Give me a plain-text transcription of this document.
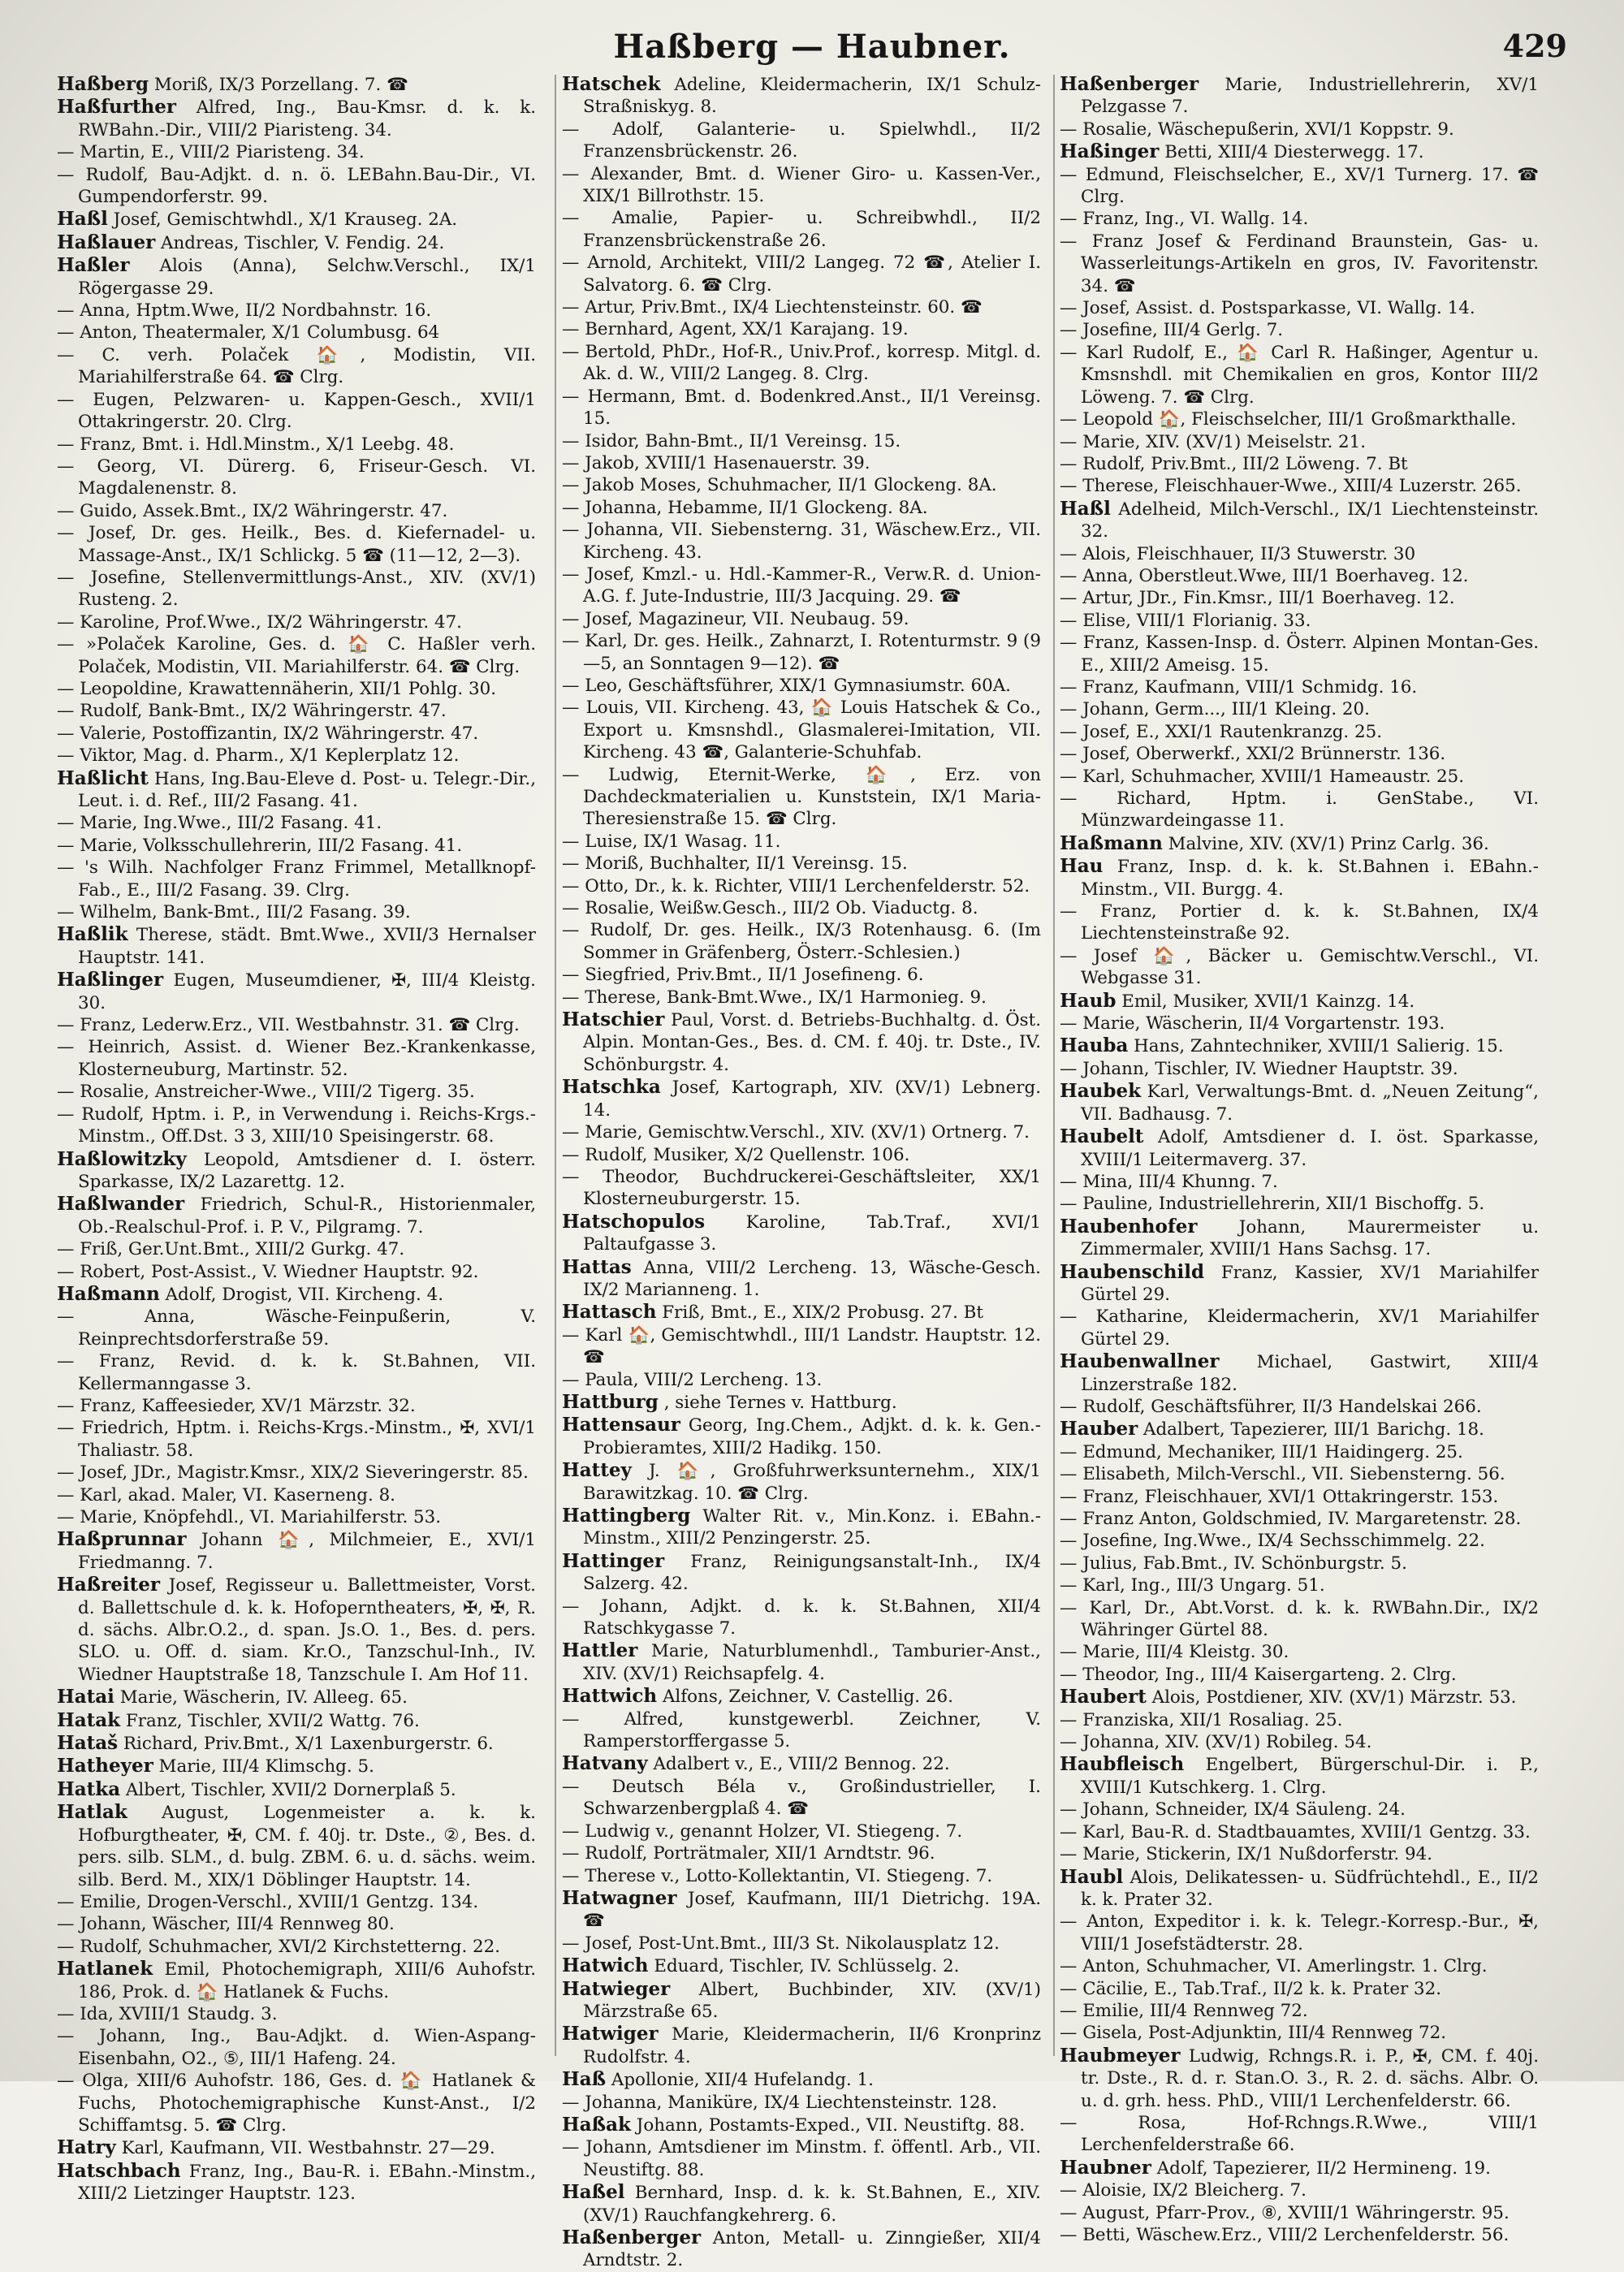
Haßberg — Haubner.	429

Haßberg Moriß, IX/3 Porzellang. 7. ☎

Haßfurther Alfred, Ing., Bau-Kmsr. d. k. k. RWBahn.-Dir., VIII/2 Piaristeng. 34.

— Martin, E., VIII/2 Piaristeng. 34.

— Rudolf, Bau-Adjkt. d. n. ö. LEBahn.Bau-Dir., VI. Gumpendorferstr. 99.

Haßl Josef, Gemischtwhdl., X/1 Krauseg. 2A.

Haßlauer Andreas, Tischler, V. Fendig. 24.

Haßler Alois (Anna), Selchw.Verschl., IX/1 Rögergasse 29.

— Anna, Hptm.Wwe, II/2 Nordbahnstr. 16.

— Anton, Theatermaler, X/1 Columbusg. 64

— C. verh. Polaček 🏠, Modistin, VII. Mariahilferstraße 64. ☎ Clrg.

— Eugen, Pelzwaren- u. Kappen-Gesch., XVII/1 Ottakringerstr. 20. Clrg.

— Franz, Bmt. i. Hdl.Minstm., X/1 Leebg. 48.

— Georg, VI. Dürerg. 6, Friseur-Gesch. VI. Magdalenenstr. 8.

— Guido, Assek.Bmt., IX/2 Währingerstr. 47.

— Josef, Dr. ges. Heilk., Bes. d. Kiefernadel- u. Massage-Anst., IX/1 Schlickg. 5 ☎ (11—12, 2—3).

— Josefine, Stellenvermittlungs-Anst., XIV. (XV/1) Rusteng. 2.

— Karoline, Prof.Wwe., IX/2 Währingerstr. 47.

— »Polaček Karoline, Ges. d. 🏠 C. Haßler verh. Polaček, Modistin, VII. Mariahilferstr. 64. ☎ Clrg.

— Leopoldine, Krawattennäherin, XII/1 Pohlg. 30.

— Rudolf, Bank-Bmt., IX/2 Währingerstr. 47.

— Valerie, Postoffizantin, IX/2 Währingerstr. 47.

— Viktor, Mag. d. Pharm., X/1 Keplerplatz 12.

Haßlicht Hans, Ing.Bau-Eleve d. Post- u. Telegr.-Dir., Leut. i. d. Ref., III/2 Fasang. 41.

— Marie, Ing.Wwe., III/2 Fasang. 41.

— Marie, Volksschullehrerin, III/2 Fasang. 41.

— 's Wilh. Nachfolger Franz Frimmel, Metallknopf-Fab., E., III/2 Fasang. 39. Clrg.

— Wilhelm, Bank-Bmt., III/2 Fasang. 39.

Haßlik Therese, städt. Bmt.Wwe., XVII/3 Hernalser Hauptstr. 141.

Haßlinger Eugen, Museumdiener, ✠, III/4 Kleistg. 30.

— Franz, Lederw.Erz., VII. Westbahnstr. 31. ☎ Clrg.

— Heinrich, Assist. d. Wiener Bez.-Krankenkasse, Klosterneuburg, Martinstr. 52.

— Rosalie, Anstreicher-Wwe., VIII/2 Tigerg. 35.

— Rudolf, Hptm. i. P., in Verwendung i. Reichs-Krgs.-Minstm., Off.Dst. 3 3, XIII/10 Speisingerstr. 68.

Haßlowitzky Leopold, Amtsdiener d. I. österr. Sparkasse, IX/2 Lazarettg. 12.

Haßlwander Friedrich, Schul-R., Historienmaler, Ob.-Realschul-Prof. i. P. V., Pilgramg. 7.

— Friß, Ger.Unt.Bmt., XIII/2 Gurkg. 47.

— Robert, Post-Assist., V. Wiedner Hauptstr. 92.

Haßmann Adolf, Drogist, VII. Kircheng. 4.

— Anna, Wäsche-Feinpußerin, V. Reinprechtsdorferstraße 59.

— Franz, Revid. d. k. k. St.Bahnen, VII. Kellermanngasse 3.

— Franz, Kaffeesieder, XV/1 Märzstr. 32.

— Friedrich, Hptm. i. Reichs-Krgs.-Minstm., ✠, XVI/1 Thaliastr. 58.

— Josef, JDr., Magistr.Kmsr., XIX/2 Sieveringerstr. 85.

— Karl, akad. Maler, VI. Kaserneng. 8.

— Marie, Knöpfehdl., VI. Mariahilferstr. 53.

Haßprunnar Johann 🏠, Milchmeier, E., XVI/1 Friedmanng. 7.

Haßreiter Josef, Regisseur u. Ballettmeister, Vorst. d. Ballettschule d. k. k. Hofoperntheaters, ✠, ✠, R. d. sächs. Albr.O.2., d. span. Js.O. 1., Bes. d. pers. SLO. u. Off. d. siam. Kr.O., Tanzschul-Inh., IV. Wiedner Hauptstraße 18, Tanzschule I. Am Hof 11.

Hatai Marie, Wäscherin, IV. Alleeg. 65.

Hatak Franz, Tischler, XVII/2 Wattg. 76.

Hataš Richard, Priv.Bmt., X/1 Laxenburgerstr. 6.

Hatheyer Marie, III/4 Klimschg. 5.

Hatka Albert, Tischler, XVII/2 Dornerplaß 5.

Hatlak August, Logenmeister a. k. k. Hofburgtheater, ✠, CM. f. 40j. tr. Dste., ②, Bes. d. pers. silb. SLM., d. bulg. ZBM. 6. u. d. sächs. weim. silb. Berd. M., XIX/1 Döblinger Hauptstr. 14.

— Emilie, Drogen-Verschl., XVIII/1 Gentzg. 134.

— Johann, Wäscher, III/4 Rennweg 80.

— Rudolf, Schuhmacher, XVI/2 Kirchstetterng. 22.

Hatlanek Emil, Photochemigraph, XIII/6 Auhofstr. 186, Prok. d. 🏠 Hatlanek & Fuchs.

— Ida, XVIII/1 Staudg. 3.

— Johann, Ing., Bau-Adjkt. d. Wien-Aspang-Eisenbahn, O2., ⑤, III/1 Hafeng. 24.

— Olga, XIII/6 Auhofstr. 186, Ges. d. 🏠 Hatlanek & Fuchs, Photochemigraphische Kunst-Anst., I/2 Schiffamtsg. 5. ☎ Clrg.

Hatry Karl, Kaufmann, VII. Westbahnstr. 27—29.

Hatschbach Franz, Ing., Bau-R. i. EBahn.-Minstm., XIII/2 Lietzinger Hauptstr. 123.

Hatschek Adeline, Kleidermacherin, IX/1 Schulz-Straßniskyg. 8.

— Adolf, Galanterie- u. Spielwhdl., II/2 Franzensbrückenstr. 26.

— Alexander, Bmt. d. Wiener Giro- u. Kassen-Ver., XIX/1 Billrothstr. 15.

— Amalie, Papier- u. Schreibwhdl., II/2 Franzensbrückenstraße 26.

— Arnold, Architekt, VIII/2 Langeg. 72 ☎, Atelier I. Salvatorg. 6. ☎ Clrg.

— Artur, Priv.Bmt., IX/4 Liechtensteinstr. 60. ☎

— Bernhard, Agent, XX/1 Karajang. 19.

— Bertold, PhDr., Hof-R., Univ.Prof., korresp. Mitgl. d. Ak. d. W., VIII/2 Langeg. 8. Clrg.

— Hermann, Bmt. d. Bodenkred.Anst., II/1 Vereinsg. 15.

— Isidor, Bahn-Bmt., II/1 Vereinsg. 15.

— Jakob, XVIII/1 Hasenauerstr. 39.

— Jakob Moses, Schuhmacher, II/1 Glockeng. 8A.

— Johanna, Hebamme, II/1 Glockeng. 8A.

— Johanna, VII. Siebensterng. 31, Wäschew.Erz., VII. Kircheng. 43.

— Josef, Kmzl.- u. Hdl.-Kammer-R., Verw.R. d. Union-A.G. f. Jute-Industrie, III/3 Jacquing. 29. ☎

— Josef, Magazineur, VII. Neubaug. 59.

— Karl, Dr. ges. Heilk., Zahnarzt, I. Rotenturmstr. 9 (9—5, an Sonntagen 9—12). ☎

— Leo, Geschäftsführer, XIX/1 Gymnasiumstr. 60A.

— Louis, VII. Kircheng. 43, 🏠 Louis Hatschek & Co., Export u. Kmsnshdl., Glasmalerei-Imitation, VII. Kircheng. 43 ☎, Galanterie-Schuhfab.

— Ludwig, Eternit-Werke, 🏠, Erz. von Dachdeckmaterialien u. Kunststein, IX/1 Maria-Theresienstraße 15. ☎ Clrg.

— Luise, IX/1 Wasag. 11.

— Moriß, Buchhalter, II/1 Vereinsg. 15.

— Otto, Dr., k. k. Richter, VIII/1 Lerchenfelderstr. 52.

— Rosalie, Weißw.Gesch., III/2 Ob. Viaductg. 8.

— Rudolf, Dr. ges. Heilk., IX/3 Rotenhausg. 6. (Im Sommer in Gräfenberg, Österr.-Schlesien.)

— Siegfried, Priv.Bmt., II/1 Josefineng. 6.

— Therese, Bank-Bmt.Wwe., IX/1 Harmonieg. 9.

Hatschier Paul, Vorst. d. Betriebs-Buchhaltg. d. Öst. Alpin. Montan-Ges., Bes. d. CM. f. 40j. tr. Dste., IV. Schönburgstr. 4.

Hatschka Josef, Kartograph, XIV. (XV/1) Lebnerg. 14.

— Marie, Gemischtw.Verschl., XIV. (XV/1) Ortnerg. 7.

— Rudolf, Musiker, X/2 Quellenstr. 106.

— Theodor, Buchdruckerei-Geschäftsleiter, XX/1 Klosterneuburgerstr. 15.

Hatschopulos Karoline, Tab.Traf., XVI/1 Paltaufgasse 3.

Hattas Anna, VIII/2 Lercheng. 13, Wäsche-Gesch. IX/2 Marianneng. 1.

Hattasch Friß, Bmt., E., XIX/2 Probusg. 27. Bt

— Karl 🏠, Gemischtwhdl., III/1 Landstr. Hauptstr. 12. ☎

— Paula, VIII/2 Lercheng. 13.

Hattburg , siehe Ternes v. Hattburg.

Hattensaur Georg, Ing.Chem., Adjkt. d. k. k. Gen.-Probieramtes, XIII/2 Hadikg. 150.

Hattey J. 🏠, Großfuhrwerksunternehm., XIX/1 Barawitzkag. 10. ☎ Clrg.

Hattingberg Walter Rit. v., Min.Konz. i. EBahn.-Minstm., XIII/2 Penzingerstr. 25.

Hattinger Franz, Reinigungsanstalt-Inh., IX/4 Salzerg. 42.

— Johann, Adjkt. d. k. k. St.Bahnen, XII/4 Ratschkygasse 7.

Hattler Marie, Naturblumenhdl., Tamburier-Anst., XIV. (XV/1) Reichsapfelg. 4.

Hattwich Alfons, Zeichner, V. Castellig. 26.

— Alfred, kunstgewerbl. Zeichner, V. Ramperstorffergasse 5.

Hatvany Adalbert v., E., VIII/2 Bennog. 22.

— Deutsch Béla v., Großindustrieller, I. Schwarzenbergplaß 4. ☎

— Ludwig v., genannt Holzer, VI. Stiegeng. 7.

— Rudolf, Porträtmaler, XII/1 Arndtstr. 96.

— Therese v., Lotto-Kollektantin, VI. Stiegeng. 7.

Hatwagner Josef, Kaufmann, III/1 Dietrichg. 19A. ☎

— Josef, Post-Unt.Bmt., III/3 St. Nikolausplatz 12.

Hatwich Eduard, Tischler, IV. Schlüsselg. 2.

Hatwieger Albert, Buchbinder, XIV. (XV/1) Märzstraße 65.

Hatwiger Marie, Kleidermacherin, II/6 Kronprinz Rudolfstr. 4.

Haß Apollonie, XII/4 Hufelandg. 1.

— Johanna, Maniküre, IX/4 Liechtensteinstr. 128.

Haßak Johann, Postamts-Exped., VII. Neustiftg. 88.

— Johann, Amtsdiener im Minstm. f. öffentl. Arb., VII. Neustiftg. 88.

Haßel Bernhard, Insp. d. k. k. St.Bahnen, E., XIV. (XV/1) Rauchfangkehrerg. 6.

Haßenberger Anton, Metall- u. Zinngießer, XII/4 Arndtstr. 2.

Haßenberger Marie, Industriellehrerin, XV/1 Pelzgasse 7.

— Rosalie, Wäschepußerin, XVI/1 Koppstr. 9.

Haßinger Betti, XIII/4 Diesterwegg. 17.

— Edmund, Fleischselcher, E., XV/1 Turnerg. 17. ☎ Clrg.

— Franz, Ing., VI. Wallg. 14.

— Franz Josef & Ferdinand Braunstein, Gas- u. Wasserleitungs-Artikeln en gros, IV. Favoritenstr. 34. ☎

— Josef, Assist. d. Postsparkasse, VI. Wallg. 14.

— Josefine, III/4 Gerlg. 7.

— Karl Rudolf, E., 🏠 Carl R. Haßinger, Agentur u. Kmsnshdl. mit Chemikalien en gros, Kontor III/2 Löweng. 7. ☎ Clrg.

— Leopold 🏠, Fleischselcher, III/1 Großmarkthalle.

— Marie, XIV. (XV/1) Meiselstr. 21.

— Rudolf, Priv.Bmt., III/2 Löweng. 7. Bt

— Therese, Fleischhauer-Wwe., XIII/4 Luzerstr. 265.

Haßl Adelheid, Milch-Verschl., IX/1 Liechtensteinstr. 32.

— Alois, Fleischhauer, II/3 Stuwerstr. 30

— Anna, Oberstleut.Wwe, III/1 Boerhaveg. 12.

— Artur, JDr., Fin.Kmsr., III/1 Boerhaveg. 12.

— Elise, VIII/1 Florianig. 33.

— Franz, Kassen-Insp. d. Österr. Alpinen Montan-Ges. E., XIII/2 Ameisg. 15.

— Franz, Kaufmann, VIII/1 Schmidg. 16.

— Johann, Germ..., III/1 Kleing. 20.

— Josef, E., XXI/1 Rautenkranzg. 25.

— Josef, Oberwerkf., XXI/2 Brünnerstr. 136.

— Karl, Schuhmacher, XVIII/1 Hameaustr. 25.

— Richard, Hptm. i. GenStabe., VI. Münzwardeingasse 11.

Haßmann Malvine, XIV. (XV/1) Prinz Carlg. 36.

Hau Franz, Insp. d. k. k. St.Bahnen i. EBahn.-Minstm., VII. Burgg. 4.

— Franz, Portier d. k. k. St.Bahnen, IX/4 Liechtensteinstraße 92.

— Josef 🏠, Bäcker u. Gemischtw.Verschl., VI. Webgasse 31.

Haub Emil, Musiker, XVII/1 Kainzg. 14.

— Marie, Wäscherin, II/4 Vorgartenstr. 193.

Hauba Hans, Zahntechniker, XVIII/1 Salierig. 15.

— Johann, Tischler, IV. Wiedner Hauptstr. 39.

Haubek Karl, Verwaltungs-Bmt. d. „Neuen Zeitung“, VII. Badhausg. 7.

Haubelt Adolf, Amtsdiener d. I. öst. Sparkasse, XVIII/1 Leitermaverg. 37.

— Mina, III/4 Khunng. 7.

— Pauline, Industriellehrerin, XII/1 Bischoffg. 5.

Haubenhofer Johann, Maurermeister u. Zimmermaler, XVIII/1 Hans Sachsg. 17.

Haubenschild Franz, Kassier, XV/1 Mariahilfer Gürtel 29.

— Katharine, Kleidermacherin, XV/1 Mariahilfer Gürtel 29.

Haubenwallner Michael, Gastwirt, XIII/4 Linzerstraße 182.

— Rudolf, Geschäftsführer, II/3 Handelskai 266.

Hauber Adalbert, Tapezierer, III/1 Barichg. 18.

— Edmund, Mechaniker, III/1 Haidingerg. 25.

— Elisabeth, Milch-Verschl., VII. Siebensterng. 56.

— Franz, Fleischhauer, XVI/1 Ottakringerstr. 153.

— Franz Anton, Goldschmied, IV. Margaretenstr. 28.

— Josefine, Ing.Wwe., IX/4 Sechsschimmelg. 22.

— Julius, Fab.Bmt., IV. Schönburgstr. 5.

— Karl, Ing., III/3 Ungarg. 51.

— Karl, Dr., Abt.Vorst. d. k. k. RWBahn.Dir., IX/2 Währinger Gürtel 88.

— Marie, III/4 Kleistg. 30.

— Theodor, Ing., III/4 Kaisergarteng. 2. Clrg.

Haubert Alois, Postdiener, XIV. (XV/1) Märzstr. 53.

— Franziska, XII/1 Rosaliag. 25.

— Johanna, XIV. (XV/1) Robileg. 54.

Haubfleisch Engelbert, Bürgerschul-Dir. i. P., XVIII/1 Kutschkerg. 1. Clrg.

— Johann, Schneider, IX/4 Säuleng. 24.

— Karl, Bau-R. d. Stadtbauamtes, XVIII/1 Gentzg. 33.

— Marie, Stickerin, IX/1 Nußdorferstr. 94.

Haubl Alois, Delikatessen- u. Südfrüchtehdl., E., II/2 k. k. Prater 32.

— Anton, Expeditor i. k. k. Telegr.-Korresp.-Bur., ✠, VIII/1 Josefstädterstr. 28.

— Anton, Schuhmacher, VI. Amerlingstr. 1. Clrg.

— Cäcilie, E., Tab.Traf., II/2 k. k. Prater 32.

— Emilie, III/4 Rennweg 72.

— Gisela, Post-Adjunktin, III/4 Rennweg 72.

Haubmeyer Ludwig, Rchngs.R. i. P., ✠, CM. f. 40j. tr. Dste., R. d. r. Stan.O. 3., R. 2. d. sächs. Albr. O. u. d. grh. hess. PhD., VIII/1 Lerchenfelderstr. 66.

— Rosa, Hof-Rchngs.R.Wwe., VIII/1 Lerchenfelderstraße 66.

Haubner Adolf, Tapezierer, II/2 Hermineng. 19.

— Aloisie, IX/2 Bleicherg. 7.

— August, Pfarr-Prov., ⑧, XVIII/1 Währingerstr. 95.

— Betti, Wäschew.Erz., VIII/2 Lerchenfelderstr. 56.
